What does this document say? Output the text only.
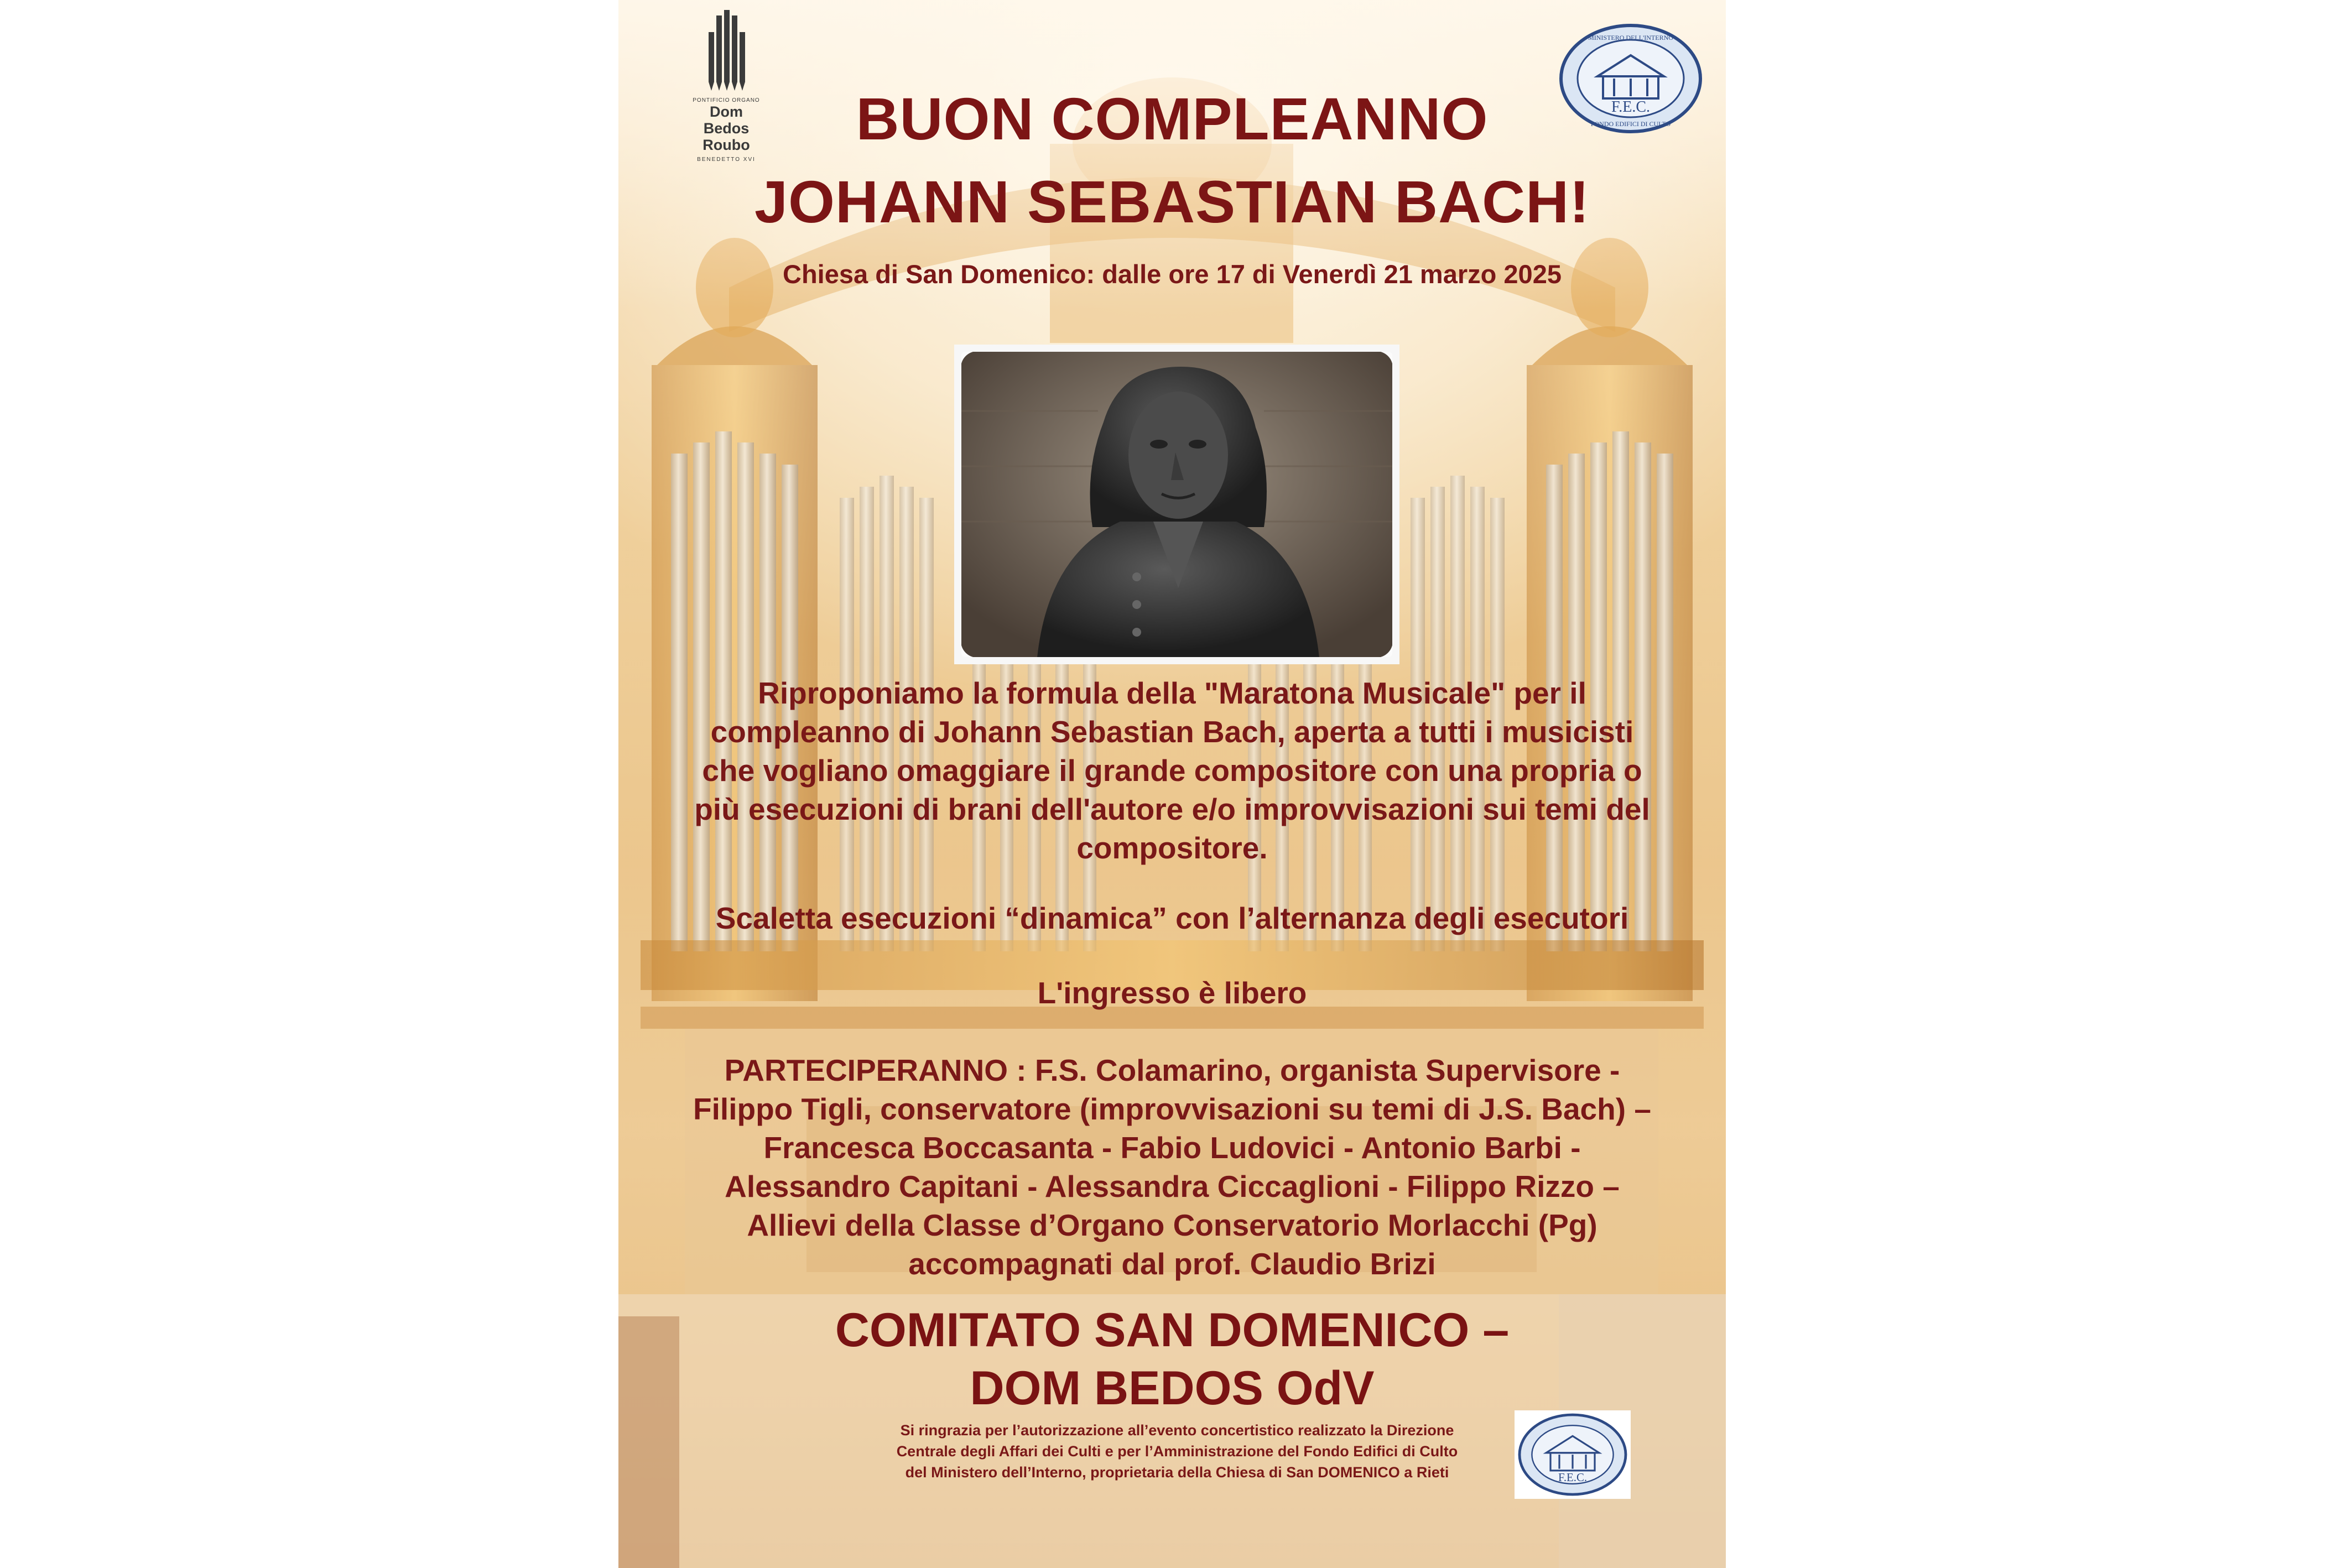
PONTIFICIO ORGANO
Dom Bedos
Roubo
BENEDETTO XVI
F.E.C.
MINISTERO DELL'INTERNO
FONDO EDIFICI DI CULTO
BUON COMPLEANNO
JOHANN SEBASTIAN BACH!
Chiesa di San Domenico: dalle ore 17 di Venerdì 21 marzo 2025
Riproponiamo la formula della "Maratona Musicale" per il
compleanno di Johann Sebastian Bach, aperta a tutti i musicisti
che vogliano omaggiare il grande compositore con una propria o
più esecuzioni di brani dell'autore e/o improvvisazioni sui temi del
compositore.
Scaletta esecuzioni “dinamica” con l’alternanza degli esecutori
L'ingresso è libero
PARTECIPERANNO : F.S. Colamarino, organista Supervisore -
Filippo Tigli, conservatore (improvvisazioni su temi di J.S. Bach) –
Francesca Boccasanta - Fabio Ludovici - Antonio Barbi -
Alessandro Capitani - Alessandra Ciccaglioni - Filippo Rizzo –
Allievi della Classe d’Organo Conservatorio Morlacchi (Pg)
accompagnati dal prof. Claudio Brizi
COMITATO SAN DOMENICO –
DOM BEDOS OdV
Si ringrazia per l’autorizzazione all’evento concertistico realizzato la Direzione
Centrale degli Affari dei Culti e per l’Amministrazione del Fondo Edifici di Culto
del Ministero dell’Interno, proprietaria della Chiesa di San DOMENICO a Rieti	F.E.C.
